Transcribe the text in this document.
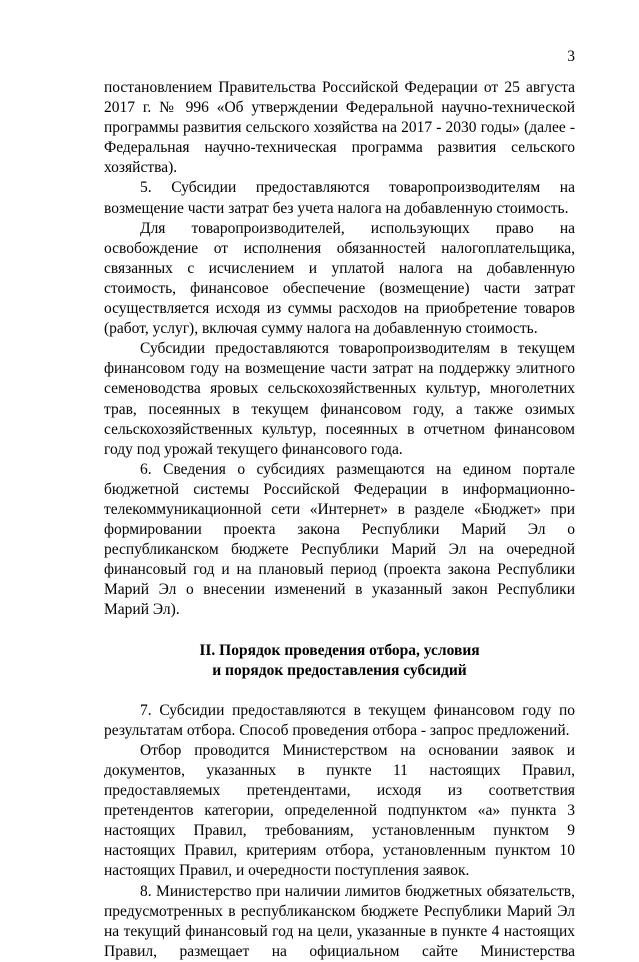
3

постановлением Правительства Российской Федерации от 25 августа 2017 г. № 996 «Об утверждении Федеральной научно-технической программы развития сельского хозяйства на 2017 - 2030 годы» (далее - Федеральная научно-техническая программа развития сельского хозяйства).

5. Субсидии предоставляются товаропроизводителям на возмещение части затрат без учета налога на добавленную стоимость.

Для товаропроизводителей, использующих право на освобождение от исполнения обязанностей налогоплательщика, связанных с исчислением и уплатой налога на добавленную стоимость, финансовое обеспечение (возмещение) части затрат осуществляется исходя из суммы расходов на приобретение товаров (работ, услуг), включая сумму налога на добавленную стоимость.

Субсидии предоставляются товаропроизводителям в текущем финансовом году на возмещение части затрат на поддержку элитного семеноводства яровых сельскохозяйственных культур, многолетних трав, посеянных в текущем финансовом году, а также озимых сельскохозяйственных культур, посеянных в отчетном финансовом году под урожай текущего финансового года.

6. Сведения о субсидиях размещаются на едином портале бюджетной системы Российской Федерации в информационно-телекоммуникационной сети «Интернет» в разделе «Бюджет» при формировании проекта закона Республики Марий Эл о республиканском бюджете Республики Марий Эл на очередной финансовый год и на плановый период (проекта закона Республики Марий Эл о внесении изменений в указанный закон Республики Марий Эл).

II. Порядок проведения отбора, условия
и порядок предоставления субсидий

7. Субсидии предоставляются в текущем финансовом году по результатам отбора. Способ проведения отбора - запрос предложений.

Отбор проводится Министерством на основании заявок и документов, указанных в пункте 11 настоящих Правил, предоставляемых претендентами, исходя из соответствия претендентов категории, определенной подпунктом «а» пункта 3 настоящих Правил, требованиям, установленным пунктом 9 настоящих Правил, критериям отбора, установленным пунктом 10 настоящих Правил, и очередности поступления заявок.

8. Министерство при наличии лимитов бюджетных обязательств, предусмотренных в республиканском бюджете Республики Марий Эл на текущий финансовый год на цели, указанные в пункте 4 настоящих Правил, размещает на официальном сайте Министерства
